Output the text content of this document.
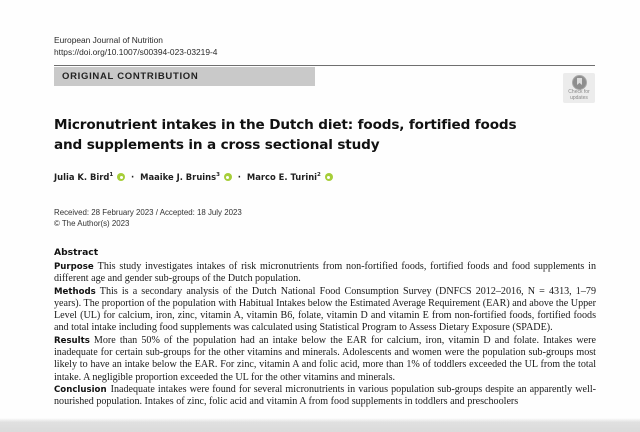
European Journal of Nutrition
https://doi.org/10.1007/s00394-023-03219-4
ORIGINAL CONTRIBUTION
Check for
updates
Micronutrient intakes in the Dutch diet: foods, fortified foods
and supplements in a cross sectional study
Julia K. Bird$^1$ · Maaike J. Bruins$^3$ · Marco E. Turini$^2$
Received: 28 February 2023 / Accepted: 18 July 2023
© The Author(s) 2023
Abstract

Purpose This study investigates intakes of risk micronutrients from non-fortified foods, fortified foods and food supplements in different age and gender sub-groups of the Dutch population.

Methods This is a secondary analysis of the Dutch National Food Consumption Survey (DNFCS 2012–2016, N = 4313, 1–79 years). The proportion of the population with Habitual Intakes below the Estimated Average Requirement (EAR) and above the Upper Level (UL) for calcium, iron, zinc, vitamin A, vitamin B6, folate, vitamin D and vitamin E from non-fortified foods, fortified foods and total intake including food supplements was calculated using Statistical Program to Assess Dietary Exposure (SPADE).

Results More than 50% of the population had an intake below the EAR for calcium, iron, vitamin D and folate. Intakes were inadequate for certain sub-groups for the other vitamins and minerals. Adolescents and women were the population sub-groups most likely to have an intake below the EAR. For zinc, vitamin A and folic acid, more than 1% of toddlers exceeded the UL from the total intake. A negligible proportion exceeded the UL for the other vitamins and minerals.

Conclusion Inadequate intakes were found for several micronutrients in various population sub-groups despite an apparently well-nourished population. Intakes of zinc, folic acid and vitamin A from food supplements in toddlers and preschoolers
